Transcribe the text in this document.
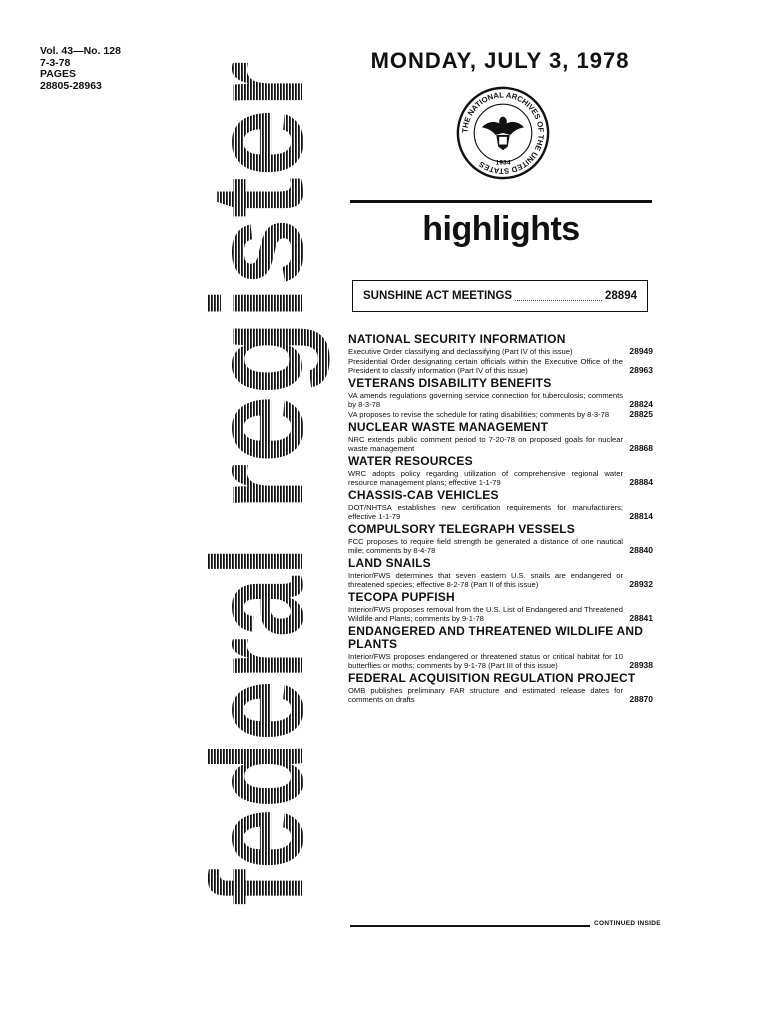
Vol. 43—No. 128
7-3-78
PAGES
28805-28963
federal
register	MONDAY, JULY 3, 1978
THE NATIONAL ARCHIVES OF THE UNITED STATES	1934
highlights
SUNSHINE ACT MEETINGS	28894
NATIONAL SECURITY INFORMATION
Executive Order classifying and declassifying (Part IV of this issue)	28949
Presidential Order designating certain officials within the Executive Office of the President to classify information (Part IV of this issue)	28963
VETERANS DISABILITY BENEFITS
VA amends regulations governing service connection for tuberculosis; comments by 8-3-78	28824
VA proposes to revise the schedule for rating disabilities; comments by 8-3-78 28825
NUCLEAR WASTE MANAGEMENT
NRC extends public comment period to 7-20-78 on proposed goals for nuclear waste management	28868
WATER RESOURCES
WRC adopts policy regarding utilization of comprehensive regional water resource management plans; effective 1-1-79	28884
CHASSIS-CAB VEHICLES
DOT/NHTSA establishes new certification requirements for manufacturers; effective 1-1-79	28814
COMPULSORY TELEGRAPH VESSELS
FCC proposes to require field strength be generated a distance of one nautical mile; comments by 8-4-78	28840
LAND SNAILS
Interior/FWS determines that seven eastern U.S. snails are endangered or threatened species; effective 8-2-78 (Part II of this issue)	28932
TECOPA PUPFISH
Interior/FWS proposes removal from the U.S. List of Endangered and Threatened Wildlife and Plants; comments by 9-1-78	28841
ENDANGERED AND THREATENED WILDLIFE AND PLANTS
Interior/FWS proposes endangered or threatened status or critical habitat for 10 butterflies or moths; comments by 9-1-78 (Part III of this issue)	28938
FEDERAL ACQUISITION REGULATION PROJECT
OMB publishes preliminary FAR structure and estimated release dates for comments on drafts	28870
CONTINUED INSIDE
